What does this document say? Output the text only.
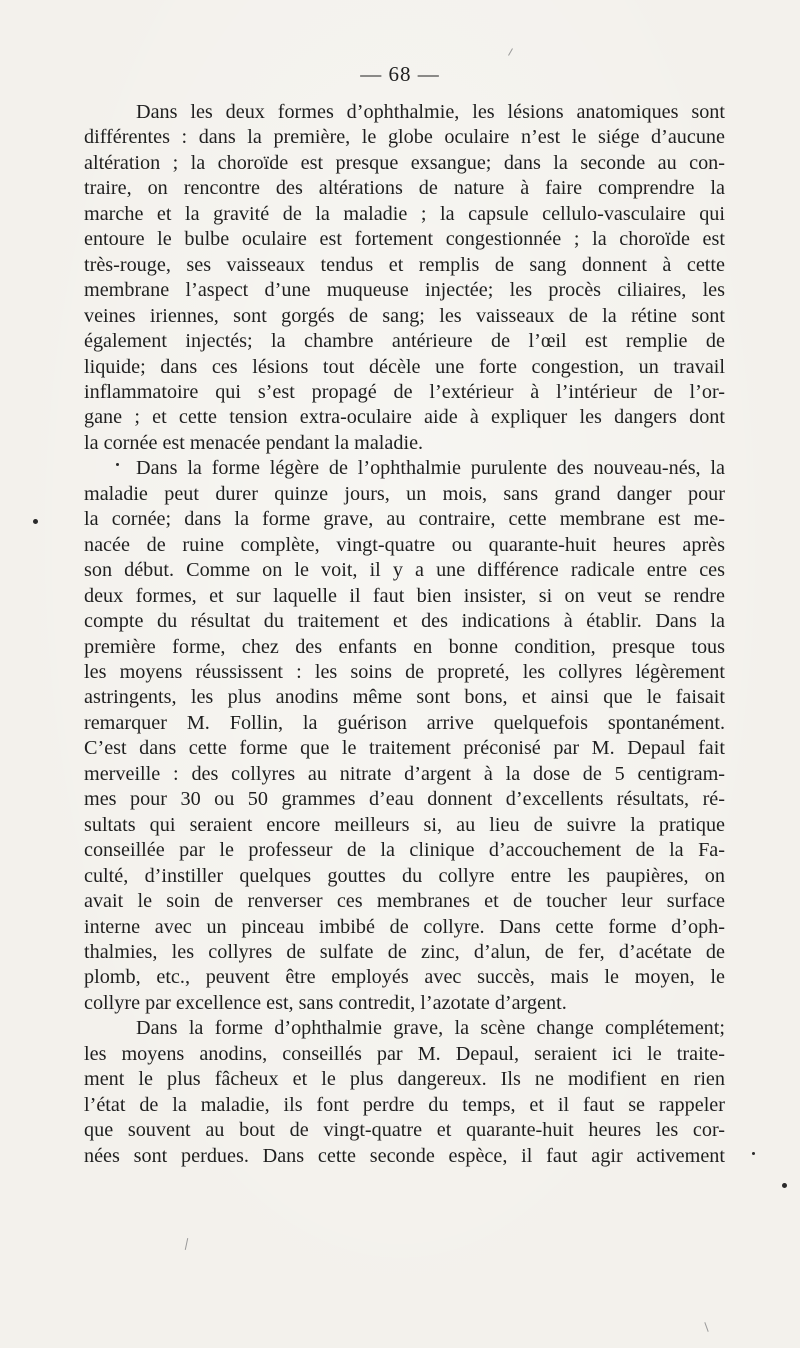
— 68 —

Dans les deux formes d’ophthalmie, les lésions anatomiques sont
différentes : dans la première, le globe oculaire n’est le siége d’aucune
altération ; la choroïde est presque exsangue; dans la seconde au con-
traire, on rencontre des altérations de nature à faire comprendre la
marche et la gravité de la maladie ; la capsule cellulo-vasculaire qui
entoure le bulbe oculaire est fortement congestionnée ; la choroïde est
très-rouge, ses vaisseaux tendus et remplis de sang donnent à cette
membrane l’aspect d’une muqueuse injectée; les procès ciliaires, les
veines iriennes, sont gorgés de sang; les vaisseaux de la rétine sont
également injectés; la chambre antérieure de l’œil est remplie de
liquide; dans ces lésions tout décèle une forte congestion, un travail
inflammatoire qui s’est propagé de l’extérieur à l’intérieur de l’or-
gane ; et cette tension extra-oculaire aide à expliquer les dangers dont
la cornée est menacée pendant la maladie.

Dans la forme légère de l’ophthalmie purulente des nouveau-nés, la
maladie peut durer quinze jours, un mois, sans grand danger pour
la cornée; dans la forme grave, au contraire, cette membrane est me-
nacée de ruine complète, vingt-quatre ou quarante-huit heures après
son début. Comme on le voit, il y a une différence radicale entre ces
deux formes, et sur laquelle il faut bien insister, si on veut se rendre
compte du résultat du traitement et des indications à établir. Dans la
première forme, chez des enfants en bonne condition, presque tous
les moyens réussissent : les soins de propreté, les collyres légèrement
astringents, les plus anodins même sont bons, et ainsi que le faisait
remarquer M. Follin, la guérison arrive quelquefois spontanément.
C’est dans cette forme que le traitement préconisé par M. Depaul fait
merveille : des collyres au nitrate d’argent à la dose de 5 centigram-
mes pour 30 ou 50 grammes d’eau donnent d’excellents résultats, ré-
sultats qui seraient encore meilleurs si, au lieu de suivre la pratique
conseillée par le professeur de la clinique d’accouchement de la Fa-
culté, d’instiller quelques gouttes du collyre entre les paupières, on
avait le soin de renverser ces membranes et de toucher leur surface
interne avec un pinceau imbibé de collyre. Dans cette forme d’oph-
thalmies, les collyres de sulfate de zinc, d’alun, de fer, d’acétate de
plomb, etc., peuvent être employés avec succès, mais le moyen, le
collyre par excellence est, sans contredit, l’azotate d’argent.

Dans la forme d’ophthalmie grave, la scène change complétement;
les moyens anodins, conseillés par M. Depaul, seraient ici le traite-
ment le plus fâcheux et le plus dangereux. Ils ne modifient en rien
l’état de la maladie, ils font perdre du temps, et il faut se rappeler
que souvent au bout de vingt-quatre et quarante-huit heures les cor-
nées sont perdues. Dans cette seconde espèce, il faut agir activement
